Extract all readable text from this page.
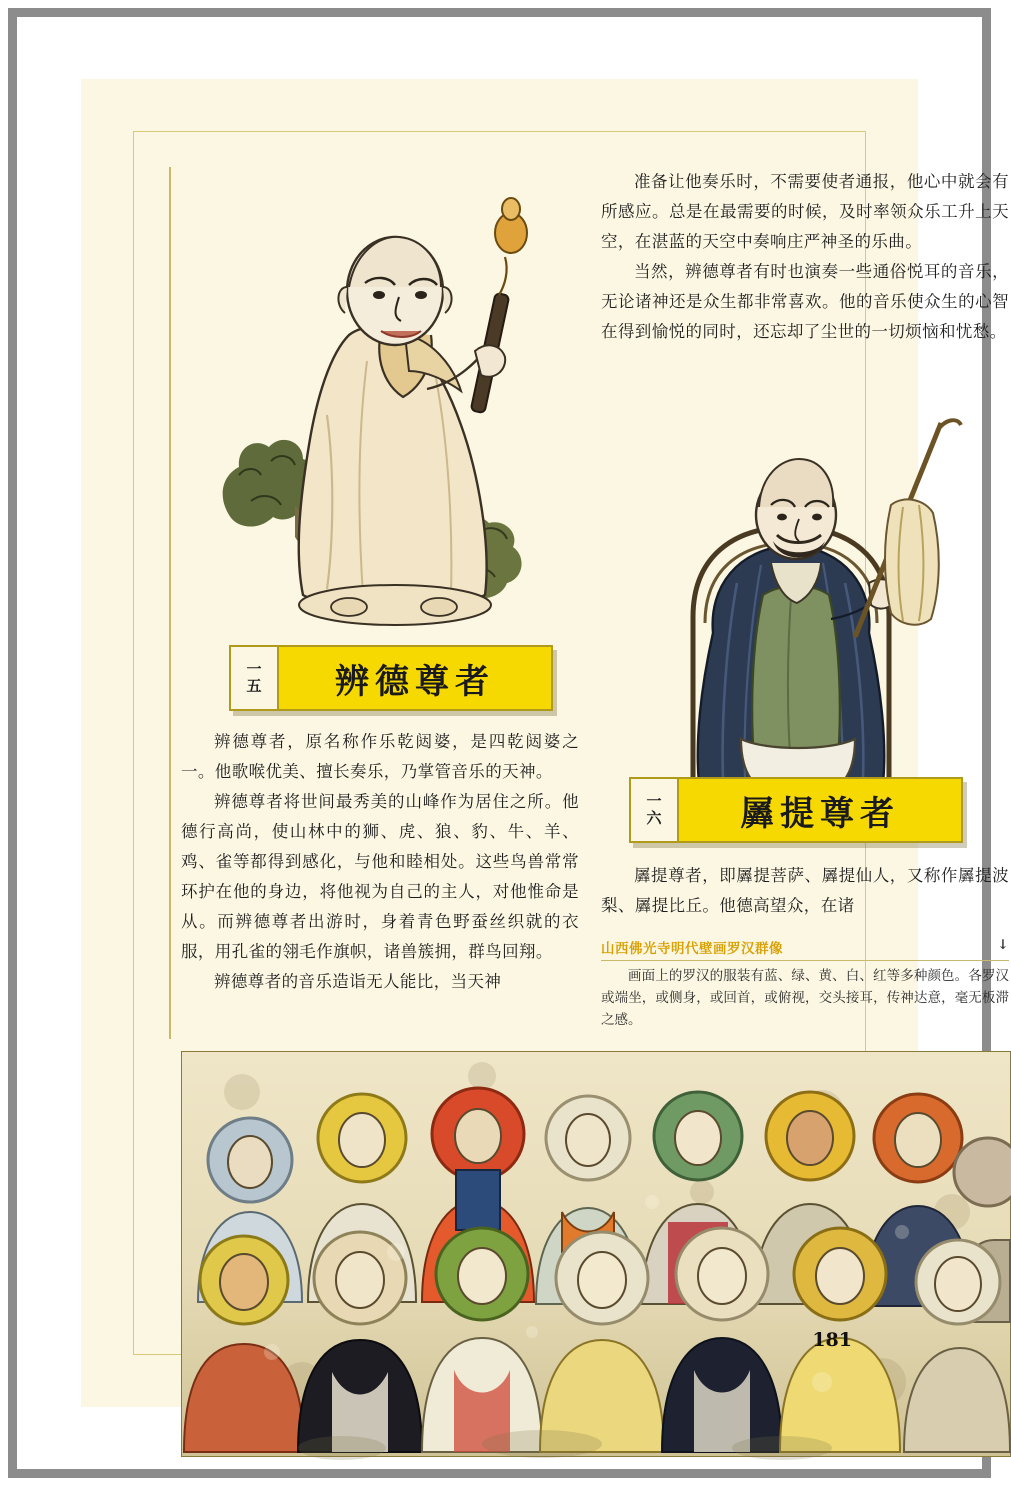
一
五	辨德尊者

辨德尊者，原名称作乐乾闼婆，是四乾闼婆之一。他歌喉优美、擅长奏乐，乃掌管音乐的天神。

辨德尊者将世间最秀美的山峰作为居住之所。他德行高尚，使山林中的狮、虎、狼、豹、牛、羊、鸡、雀等都得到感化，与他和睦相处。这些鸟兽常常环护在他的身边，将他视为自己的主人，对他惟命是从。而辨德尊者出游时，身着青色野蚕丝织就的衣服，用孔雀的翎毛作旗帜，诸兽簇拥，群鸟回翔。

辨德尊者的音乐造诣无人能比，当天神

准备让他奏乐时，不需要使者通报，他心中就会有所感应。总是在最需要的时候，及时率领众乐工升上天空，在湛蓝的天空中奏响庄严神圣的乐曲。

当然，辨德尊者有时也演奏一些通俗悦耳的音乐，无论诸神还是众生都非常喜欢。他的音乐使众生的心智在得到愉悦的同时，还忘却了尘世的一切烦恼和忧愁。

一
六	羼提尊者

羼提尊者，即羼提菩萨、羼提仙人，又称作羼提波梨、羼提比丘。他德高望众，在诸

山西佛光寺明代壁画罗汉群像	↓
画面上的罗汉的服装有蓝、绿、黄、白、红等多种颜色。各罗汉或端坐，或侧身，或回首，或俯视，交头接耳，传神达意，毫无板滞之感。
181
